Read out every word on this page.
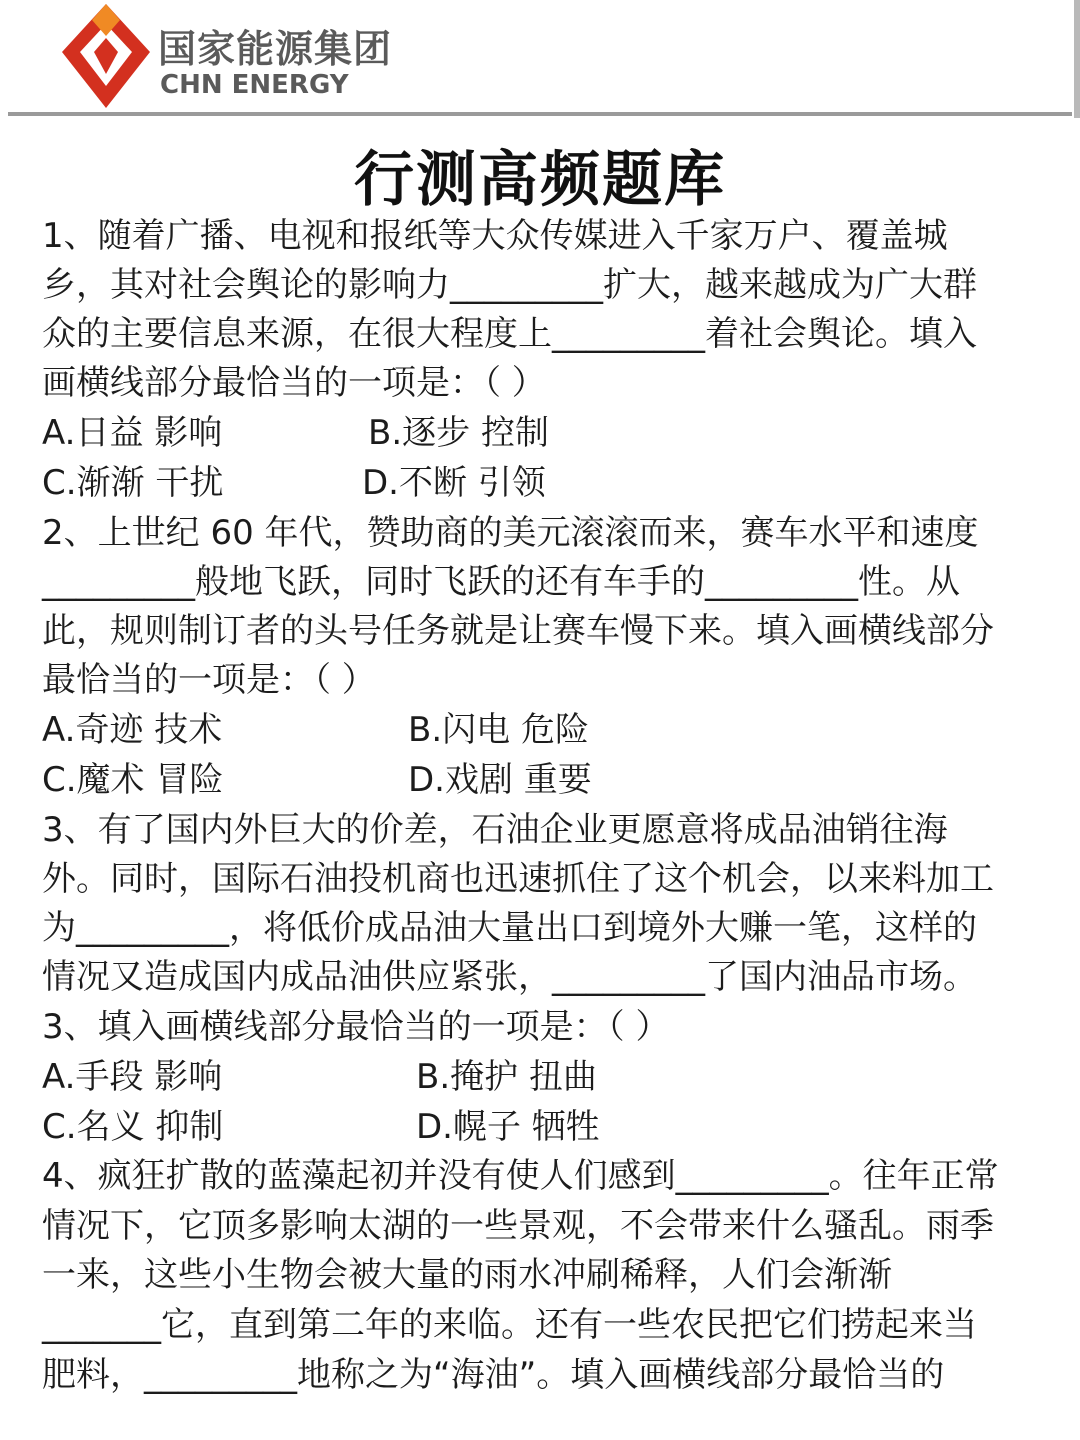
国家能源集团
CHN ENERGY
行测高频题库
1、随着广播、电视和报纸等大众传媒进入千家万户、覆盖城
乡，其对社会舆论的影响力_________扩大，越来越成为广大群
众的主要信息来源，在很大程度上_________着社会舆论。填入
画横线部分最恰当的一项是：（ ）
A.日益 影响	B.逐步 控制
C.渐渐 干扰	D.不断 引领
2、上世纪 60 年代，赞助商的美元滚滚而来，赛车水平和速度
_________般地飞跃，同时飞跃的还有车手的_________性。从
此，规则制订者的头号任务就是让赛车慢下来。填入画横线部分
最恰当的一项是：（ ）
A.奇迹 技术	B.闪电 危险
C.魔术 冒险	D.戏剧 重要
3、有了国内外巨大的价差，石油企业更愿意将成品油销往海
外。同时，国际石油投机商也迅速抓住了这个机会，以来料加工
为_________，将低价成品油大量出口到境外大赚一笔，这样的
情况又造成国内成品油供应紧张，_________了国内油品市场。
3、填入画横线部分最恰当的一项是：（ ）
A.手段 影响	B.掩护 扭曲
C.名义 抑制	D.幌子 牺牲
4、疯狂扩散的蓝藻起初并没有使人们感到_________。往年正常
情况下，它顶多影响太湖的一些景观，不会带来什么骚乱。雨季
一来，这些小生物会被大量的雨水冲刷稀释，人们会渐渐
_______它，直到第二年的来临。还有一些农民把它们捞起来当
肥料，_________地称之为“海油”。填入画横线部分最恰当的
